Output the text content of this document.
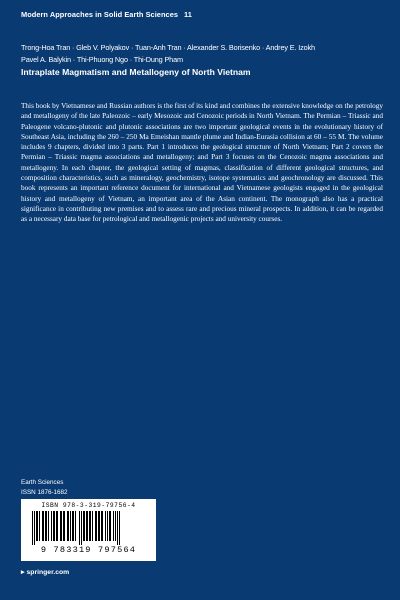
Modern Approaches in Solid Earth Sciences 11
Trong-Hoa Tran · Gleb V. Polyakov · Tuan-Anh Tran · Alexander S. Borisenko · Andrey E. Izokh
Pavel A. Balykin · Thi-Phuong Ngo · Thi-Dung Pham
Intraplate Magmatism and Metallogeny of North Vietnam
This book by Vietnamese and Russian authors is the first of its kind and combines the extensive knowledge on the petrology and metallogeny of the late Paleozoic – early Mesozoic and Cenozoic periods in North Vietnam. The Permian – Triassic and Paleogene volcano-plutonic and plutonic associations are two important geological events in the evolutionary history of Southeast Asia, including the 260 – 250 Ma Emeishan mantle plume and Indian-Eurasia collision at 60 – 55 M. The volume includes 9 chapters, divided into 3 parts. Part 1 introduces the geological structure of North Vietnam; Part 2 covers the Permian – Triassic magma associations and metallogeny; and Part 3 focuses on the Cenozoic magma associations and metallogeny. In each chapter, the geological setting of magmas, classification of different geological structures, and composition characteristics, such as mineralogy, geochemistry, isotope systematics and geochronology are discussed. This book represents an important reference document for international and Vietnamese geologists engaged in the geological history and metallogeny of Vietnam, an important area of the Asian continent. The monograph also has a practical significance in contributing new premises and to assess rare and precious mineral prospects. In addition, it can be regarded as a necessary data base for petrological and metallogenic projects and university courses.
Earth Sciences
ISSN 1876-1682
ISBN 978-3-319-79756-4
9 783319 797564
▸ springer.com
